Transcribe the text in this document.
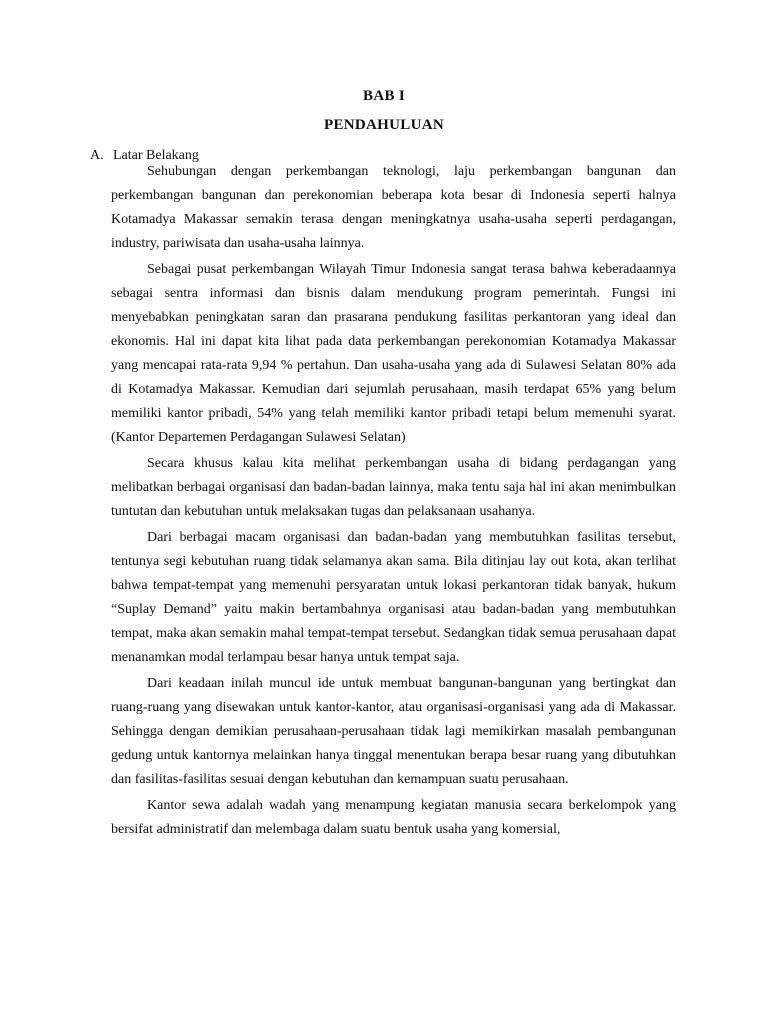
BAB I
PENDAHULUAN
A. Latar Belakang

Sehubungan dengan perkembangan teknologi, laju perkembangan bangunan dan perkembangan bangunan dan perekonomian beberapa kota besar di Indonesia seperti halnya Kotamadya Makassar semakin terasa dengan meningkatnya usaha-usaha seperti perdagangan, industry, pariwisata dan usaha-usaha lainnya.

Sebagai pusat perkembangan Wilayah Timur Indonesia sangat terasa bahwa keberadaannya sebagai sentra informasi dan bisnis dalam mendukung program pemerintah. Fungsi ini menyebabkan peningkatan saran dan prasarana pendukung fasilitas perkantoran yang ideal dan ekonomis. Hal ini dapat kita lihat pada data perkembangan perekonomian Kotamadya Makassar yang mencapai rata-rata 9,94 % pertahun. Dan usaha-usaha yang ada di Sulawesi Selatan 80% ada di Kotamadya Makassar. Kemudian dari sejumlah perusahaan, masih terdapat 65% yang belum memiliki kantor pribadi, 54% yang telah memiliki kantor pribadi tetapi belum memenuhi syarat. (Kantor Departemen Perdagangan Sulawesi Selatan)

Secara khusus kalau kita melihat perkembangan usaha di bidang perdagangan yang melibatkan berbagai organisasi dan badan-badan lainnya, maka tentu saja hal ini akan menimbulkan tuntutan dan kebutuhan untuk melaksakan tugas dan pelaksanaan usahanya.

Dari berbagai macam organisasi dan badan-badan yang membutuhkan fasilitas tersebut, tentunya segi kebutuhan ruang tidak selamanya akan sama. Bila ditinjau lay out kota, akan terlihat bahwa tempat-tempat yang memenuhi persyaratan untuk lokasi perkantoran tidak banyak, hukum “Suplay Demand” yaitu makin bertambahnya organisasi atau badan-badan yang membutuhkan tempat, maka akan semakin mahal tempat-tempat tersebut. Sedangkan tidak semua perusahaan dapat menanamkan modal terlampau besar hanya untuk tempat saja.

Dari keadaan inilah muncul ide untuk membuat bangunan-bangunan yang bertingkat dan ruang-ruang yang disewakan untuk kantor-kantor, atau organisasi-organisasi yang ada di Makassar. Sehingga dengan demikian perusahaan-perusahaan tidak lagi memikirkan masalah pembangunan gedung untuk kantornya melainkan hanya tinggal menentukan berapa besar ruang yang dibutuhkan dan fasilitas-fasilitas sesuai dengan kebutuhan dan kemampuan suatu perusahaan.

Kantor sewa adalah wadah yang menampung kegiatan manusia secara berkelompok yang bersifat administratif dan melembaga dalam suatu bentuk usaha yang komersial,
